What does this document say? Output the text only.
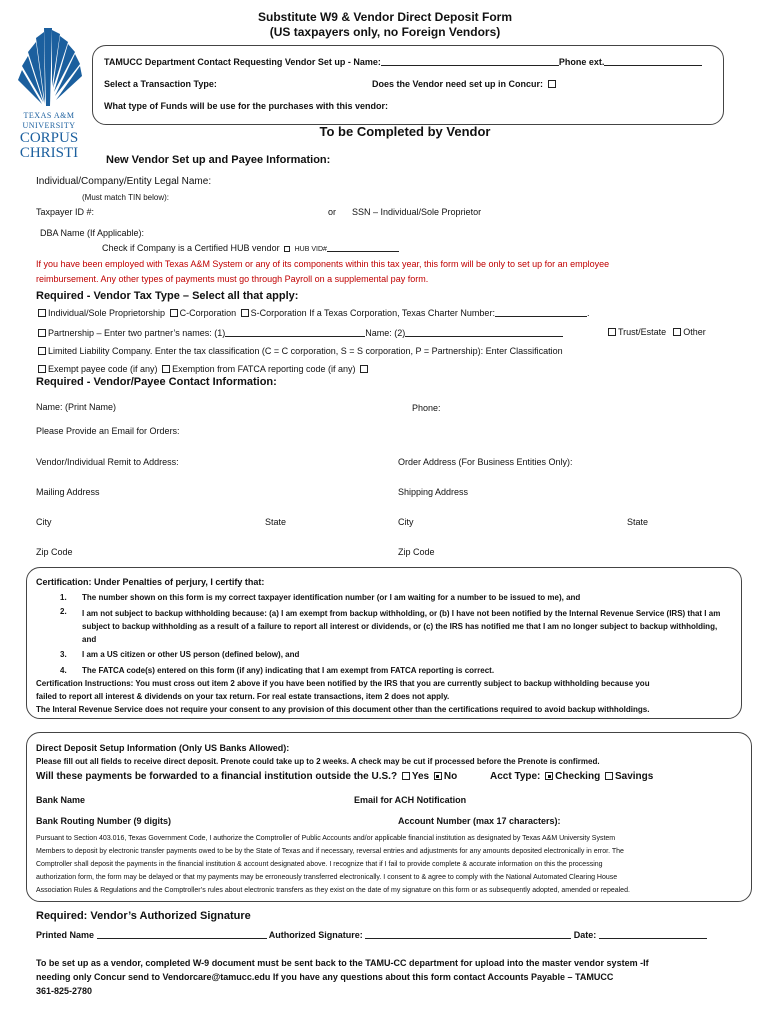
TEXAS A&M
UNIVERSITY
CORPUS
CHRISTI
Substitute W9 & Vendor Direct Deposit Form
(US taxpayers only, no Foreign Vendors)
TAMUCC Department Contact Requesting Vendor Set up - Name:	Phone ext.
Select a Transaction Type:	Does the Vendor need set up in Concur:
What type of Funds will be use for the purchases with this vendor:
To be Completed by Vendor
New Vendor Set up and Payee Information:
Individual/Company/Entity Legal Name:
(Must match TIN below):
Taxpayer ID #:	or SSN – Individual/Sole Proprietor
DBA Name (If Applicable):
Check if Company is a Certified HUB vendor HUB VID#
If you have been employed with Texas A&M System or any of its components within this tax year, this form will be only to set up for an employee
reimbursement. Any other types of payments must go through Payroll on a supplemental pay form.
Required - Vendor Tax Type – Select all that apply:
Individual/Sole Proprietorship C-Corporation S-Corporation If a Texas Corporation, Texas Charter Number:	.
Partnership – Enter two partner’s names: (1)	Name: (2)	Trust/Estate Other
Limited Liability Company. Enter the tax classification (C = C corporation, S = S corporation, P = Partnership): Enter Classification
Exempt payee code (if any) Exemption from FATCA reporting code (if any)
Required - Vendor/Payee Contact Information:
Name: (Print Name)	Phone:
Please Provide an Email for Orders:
Vendor/Individual Remit to Address:	Order Address (For Business Entities Only):
Mailing Address	Shipping Address
City	State	City	State
Zip Code	Zip Code
Certification: Under Penalties of perjury, I certify that:
1. The number shown on this form is my correct taxpayer identification number (or I am waiting for a number to be issued to me), and
2. I am not subject to backup withholding because: (a) I am exempt from backup withholding, or (b) I have not been notified by the Internal Revenue Service (IRS) that I am subject to backup withholding as a result of a failure to report all interest or dividends, or (c) the IRS has notified me that I am no longer subject to backup withholding, and
3. I am a US citizen or other US person (defined below), and
4. The FATCA code(s) entered on this form (if any) indicating that I am exempt from FATCA reporting is correct.
Certification Instructions: You must cross out item 2 above if you have been notified by the IRS that you are currently subject to backup withholding because you
failed to report all interest & dividends on your tax return. For real estate transactions, item 2 does not apply.
The Interal Revenue Service does not require your consent to any provision of this document other than the certifications required to avoid backup withholdings.
Direct Deposit Setup Information (Only US Banks Allowed):
Please fill out all fields to receive direct deposit. Prenote could take up to 2 weeks. A check may be cut if processed before the Prenote is confirmed.
Will these payments be forwarded to a financial institution outside the U.S.? Yes No	Acct Type: Checking Savings
Bank Name	Email for ACH Notification
Bank Routing Number (9 digits)	Account Number (max 17 characters):
Pursuant to Section 403.016, Texas Government Code, I authorize the Comptroller of Public Accounts and/or applicable financial institution as designated by Texas A&M University System
Members to deposit by electronic transfer payments owed to be by the State of Texas and if necessary, reversal entries and adjustments for any amounts deposited electronically in error. The
Comptroller shall deposit the payments in the financial institution & account designated above. I recognize that if I fail to provide complete & accurate information on this the processing
authorization form, the form may be delayed or that my payments may be erroneously transferred electronically. I consent to & agree to comply with the National Automated Clearing House
Association Rules & Regulations and the Comptroller’s rules about electronic transfers as they exist on the date of my signature on this form or as subsequently adopted, amended or repealed.
Required: Vendor’s Authorized Signature
Printed Name	Authorized Signature:	Date:
To be set up as a vendor, completed W-9 document must be sent back to the TAMU-CC department for upload into the master vendor system -If
needing only Concur send to Vendorcare@tamucc.edu If you have any questions about this form contact Accounts Payable – TAMUCC
361-825-2780
